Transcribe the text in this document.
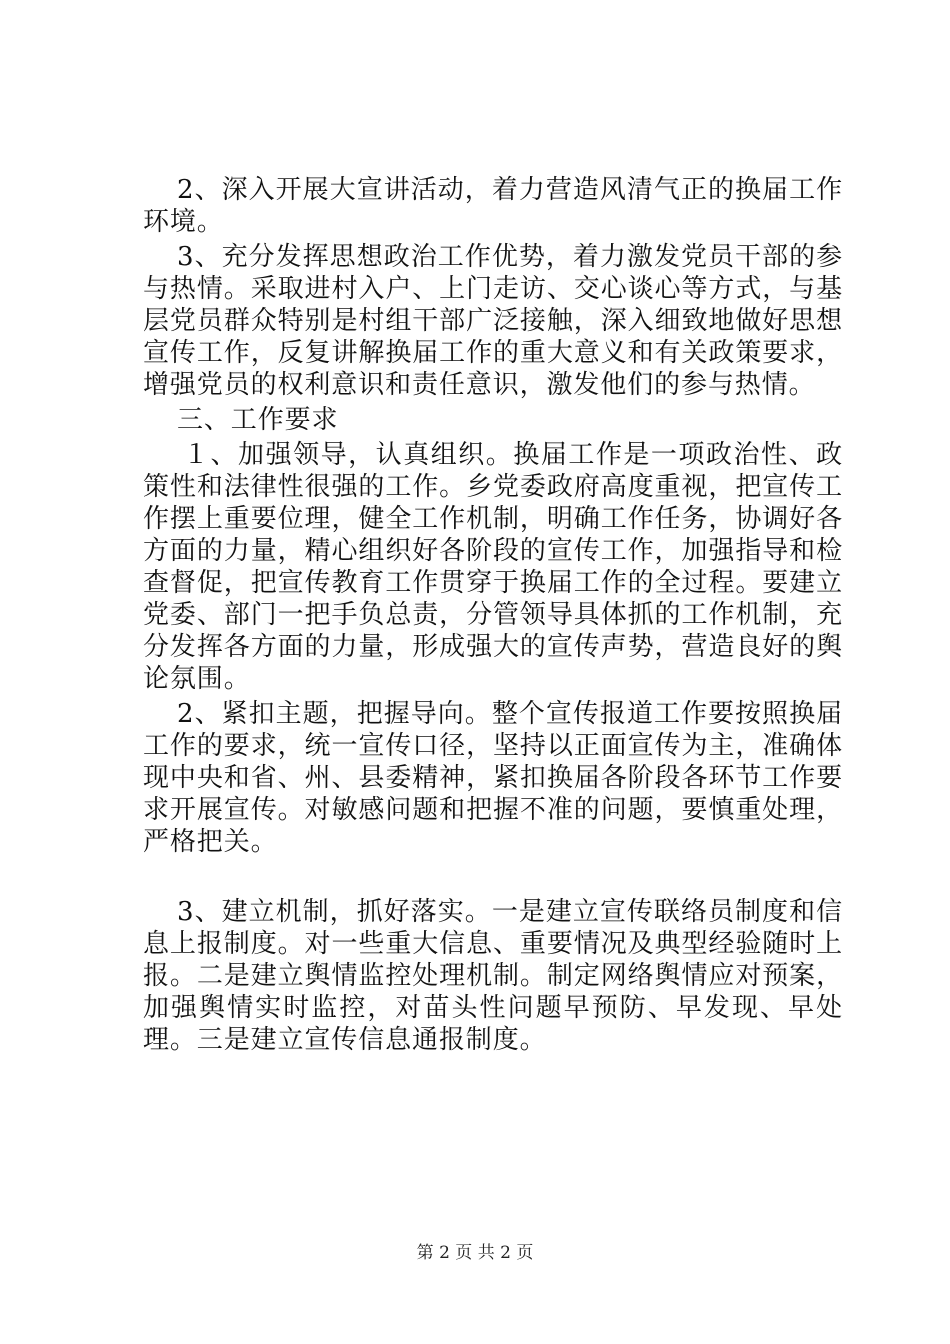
2、深入开展大宣讲活动，着力营造风清气正的换届工作环境。

3、充分发挥思想政治工作优势，着力激发党员干部的参与热情。采取进村入户、上门走访、交心谈心等方式，与基层党员群众特别是村组干部广泛接触，深入细致地做好思想宣传工作，反复讲解换届工作的重大意义和有关政策要求，增强党员的权利意识和责任意识，激发他们的参与热情。

三、工作要求

１、加强领导，认真组织。换届工作是一项政治性、政策性和法律性很强的工作。乡党委政府高度重视，把宣传工作摆上重要位理，健全工作机制，明确工作任务，协调好各方面的力量，精心组织好各阶段的宣传工作，加强指导和检查督促，把宣传教育工作贯穿于换届工作的全过程。要建立党委、部门一把手负总责，分管领导具体抓的工作机制，充分发挥各方面的力量，形成强大的宣传声势，营造良好的舆论氛围。

2、紧扣主题，把握导向。整个宣传报道工作要按照换届工作的要求，统一宣传口径，坚持以正面宣传为主，准确体现中央和省、州、县委精神，紧扣换届各阶段各环节工作要求开展宣传。对敏感问题和把握不准的问题，要慎重处理，严格把关。

3、建立机制，抓好落实。一是建立宣传联络员制度和信息上报制度。对一些重大信息、重要情况及典型经验随时上报。二是建立舆情监控处理机制。制定网络舆情应对预案，加强舆情实时监控，对苗头性问题早预防、早发现、早处理。三是建立宣传信息通报制度。

第 2 页 共 2 页
